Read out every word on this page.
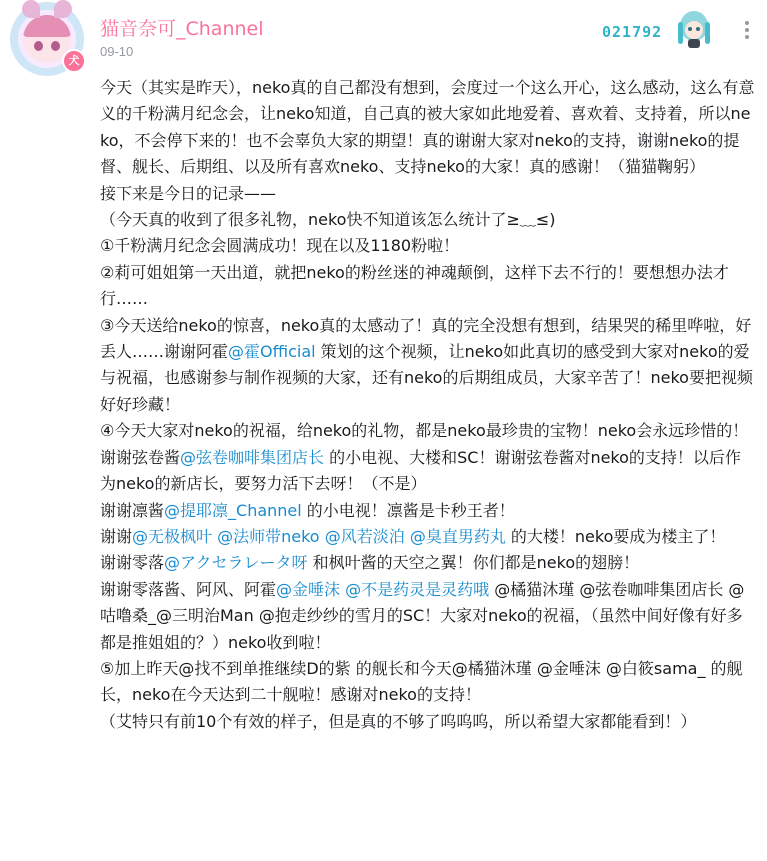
犬
猫音奈可_Channel
09-10
021792

今天（其实是昨天），neko真的自己都没有想到，会度过一个这么开心，这么感动，这么有意义的千粉满月纪念会，让neko知道，自己真的被大家如此地爱着、喜欢着、支持着，所以neko，不会停下来的！也不会辜负大家的期望！真的谢谢大家对neko的支持，谢谢neko的提督、舰长、后期组、以及所有喜欢neko、支持neko的大家！真的感谢！（猫猫鞠躬）

接下来是今日的记录——

（今天真的收到了很多礼物，neko快不知道该怎么统计了≥﹏≤)

①千粉满月纪念会圆满成功！现在以及1180粉啦！

②莉可姐姐第一天出道，就把neko的粉丝迷的神魂颠倒，这样下去不行的！要想想办法才行……

③今天送给neko的惊喜，neko真的太感动了！真的完全没想有想到，结果哭的稀里哗啦，好丢人……谢谢阿霍@霍Official 策划的这个视频，让neko如此真切的感受到大家对neko的爱与祝福，也感谢参与制作视频的大家，还有neko的后期组成员，大家辛苦了！neko要把视频好好珍藏！

④今天大家对neko的祝福，给neko的礼物，都是neko最珍贵的宝物！neko会永远珍惜的！

谢谢弦卷酱@弦卷咖啡集团店长 的小电视、大楼和SC！谢谢弦卷酱对neko的支持！以后作为neko的新店长，要努力活下去呀！（不是）

谢谢凛酱@提耶凛_Channel 的小电视！凛酱是卡秒王者！

谢谢@无极枫叶 @法师带neko @风若淡泊 @臭直男药丸 的大楼！neko要成为楼主了！

谢谢零落@アクセラレータ呀 和枫叶酱的天空之翼！你们都是neko的翅膀！

谢谢零落酱、阿风、阿霍@金唾沫 @不是药灵是灵药哦 @橘猫沐瑾 @弦卷咖啡集团店长 @咕噜桑_@三明治Man @抱走纱纱的雪月的SC！大家对neko的祝福，（虽然中间好像有好多都是推姐姐的？）neko收到啦！

⑤加上昨天@找不到单推继续D的紫 的舰长和今天@橘猫沐瑾 @金唾沫 @白筱sama_ 的舰长，neko在今天达到二十舰啦！感谢对neko的支持！

（艾特只有前10个有效的样子，但是真的不够了呜呜呜，所以希望大家都能看到！）
